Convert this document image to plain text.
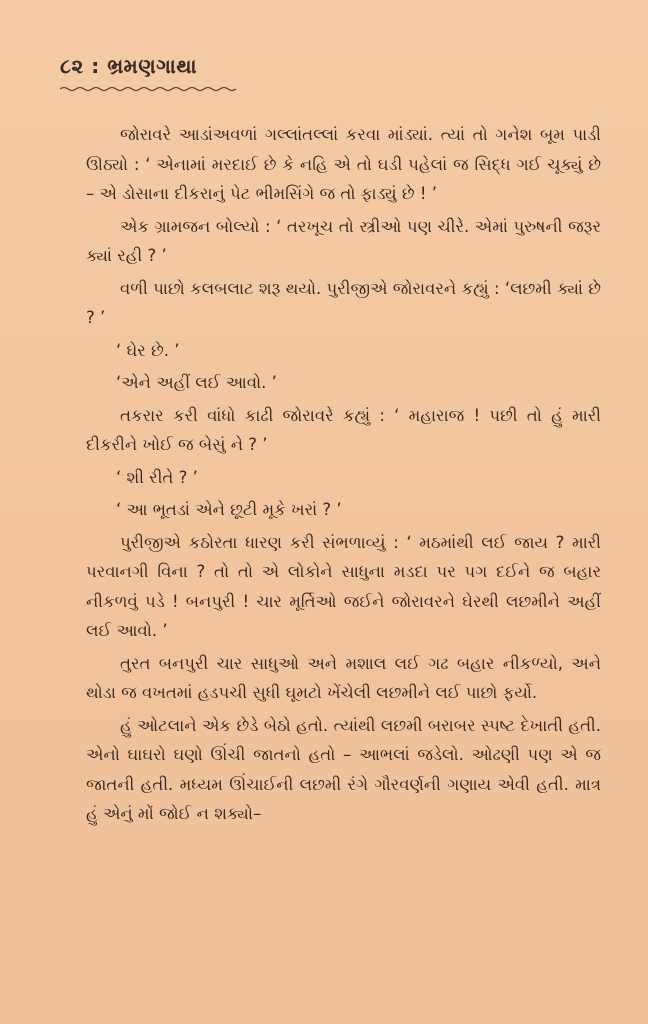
૮૨ : ભ્રમણગાથા

જોરાવરે આડાંઅવળાં ગલ્લાંતલ્લાં કરવા માંડ્યાં. ત્યાં તો ગનેશ બૂમ પાડી ઊઠ્યો : ‘ એનામાં મરદાઈ છે કે નહિ એ તો ઘડી પહેલાં જ સિદ્ધ ગઈ ચૂક્યું છે – એ ડોસાના દીકરાનું પેટ ભીમસિંગે જ તો ફાડ્યું છે ! ’

એક ગ્રામજન બોલ્યો : ‘ તરખૂચ તો સ્ત્રીઓ પણ ચીરે. એમાં પુરુષની જરૂર ક્યાં રહી ? ’

વળી પાછો કલબલાટ શરૂ થયો. પુરીજીએ જોરાવરને કહ્યું : ‘લછમી ક્યાં છે ? ’

‘ ઘેર છે. ’

‘એને અહીં લઈ આવો. ’

તકરાર કરી વાંધો કાઢી જોરાવરે કહ્યું : ‘ મહારાજ ! પછી તો હું મારી દીકરીને ખોઈ જ બેસું ને ? ’

‘ શી રીતે ? ’

‘ આ ભૂતડાં એને છૂટી મૂકે ખરાં ? ’

પુરીજીએ કઠોરતા ધારણ કરી સંભળાવ્યું : ‘ મઠમાંથી લઈ જાય ? મારી પરવાનગી વિના ? તો તો એ લોકોને સાધુના મડદા પર પગ દઈને જ બહાર નીકળવું પડે ! બનપુરી ! ચાર મૂર્તિઓ જઈને જોરાવરને ઘેરથી લછમીને અહીં લઈ આવો. ’

તુરત બનપુરી ચાર સાધુઓ અને મશાલ લઈ ગઢ બહાર નીકળ્યો, અને થોડા જ વખતમાં હડપચી સુધી ઘૂમટો ખેંચેલી લછમીને લઈ પાછો ફર્યો.

હું ઓટલાને એક છેડે બેઠો હતો. ત્યાંથી લછમી બરાબર સ્પષ્ટ દેખાતી હતી. એનો ઘાઘરો ઘણો ઊંચી જાતનો હતો – આભલાં જડેલો. ઓઢણી પણ એ જ જાતની હતી. મધ્યમ ઊંચાઈની લછમી રંગે ગૌરવર્ણની ગણાય એવી હતી. માત્ર હું એનું મોં જોઈ ન શક્યો–
